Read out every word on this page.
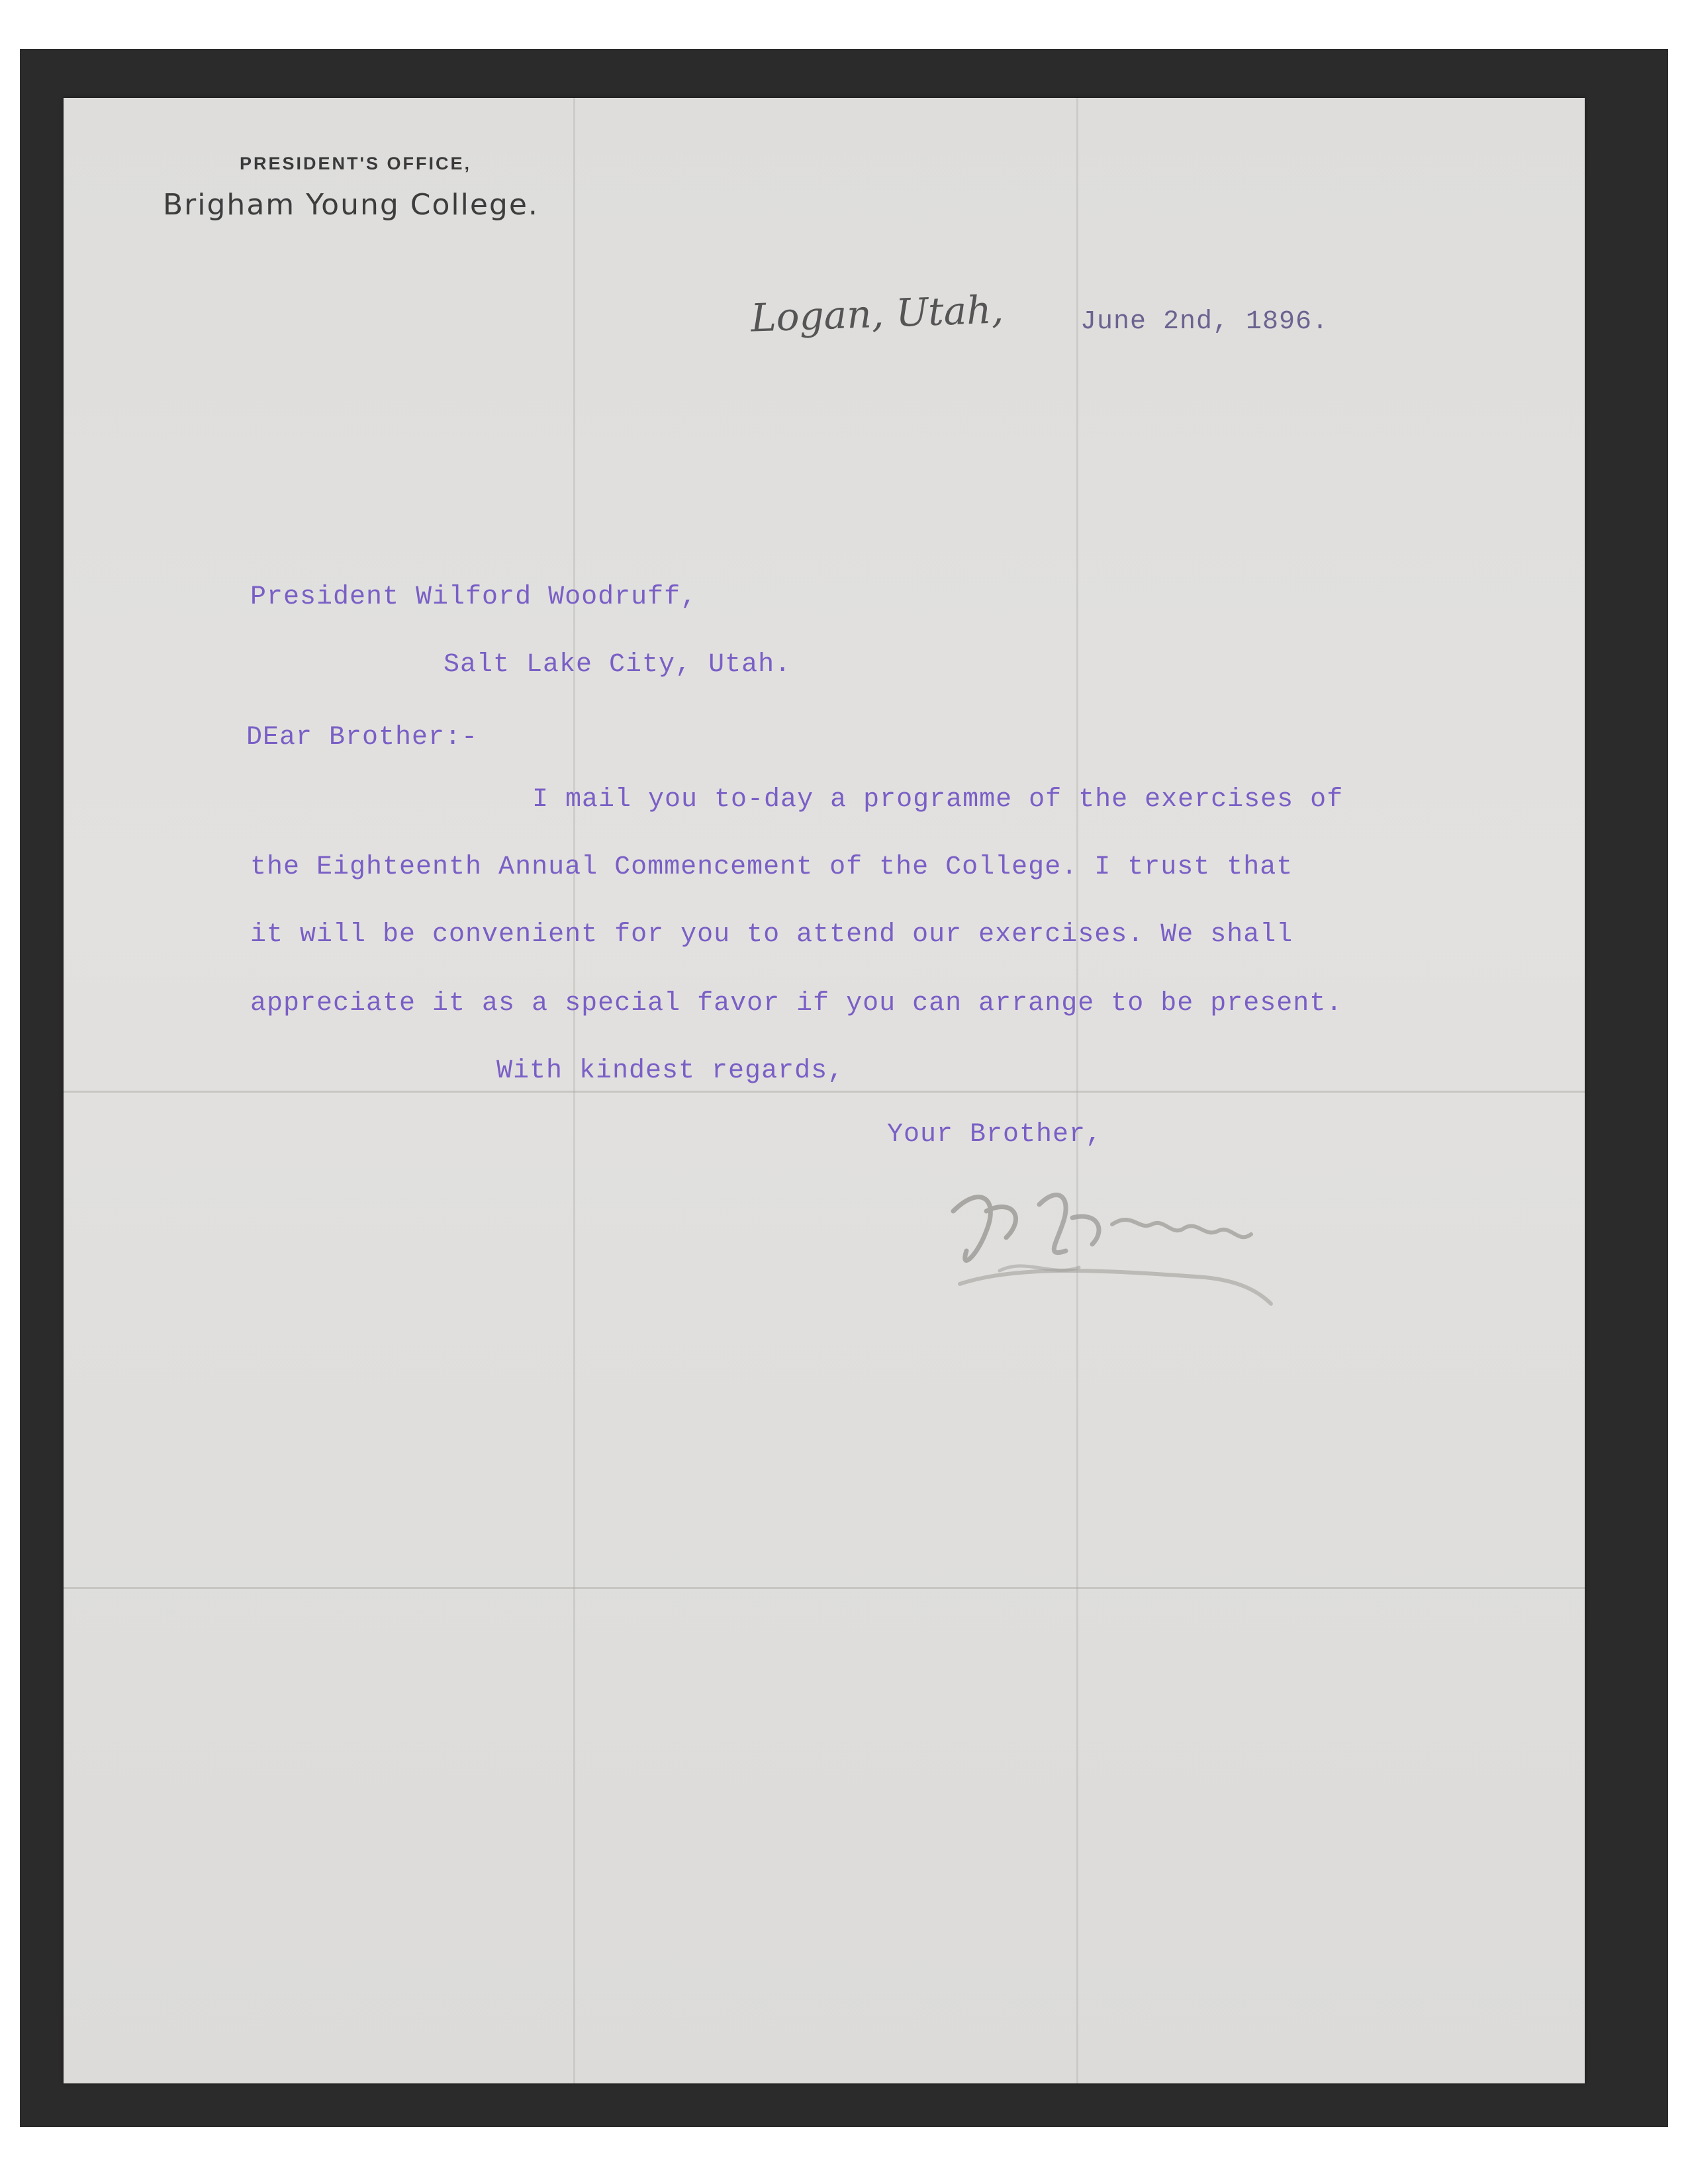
PRESIDENT'S OFFICE,
Brigham Young College.
Logan, Utah,	June 2nd, 1896.
President Wilford Woodruff,
Salt Lake City, Utah.
DEar Brother:-
I mail you to-day a programme of the exercises of
the Eighteenth Annual Commencement of the College. I trust that
it will be convenient for you to attend our exercises. We shall
appreciate it as a special favor if you can arrange to be present.
With kindest regards,
Your Brother,
